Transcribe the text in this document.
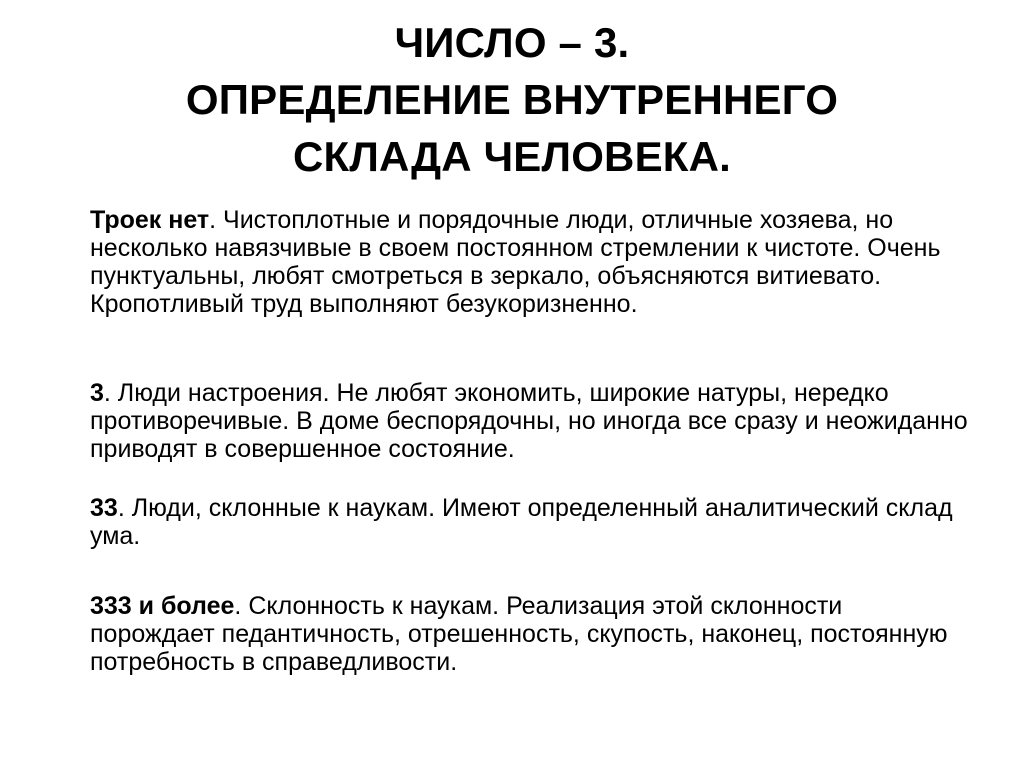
ЧИСЛО – 3.
ОПРЕДЕЛЕНИЕ ВНУТРЕННЕГО
СКЛАДА ЧЕЛОВЕКА.
Троек нет. Чистоплотные и порядочные люди, отличные хозяева, но несколько навязчивые в своем постоянном стремлении к чистоте. Очень пунктуальны, любят смотреться в зеркало, объясняются витиевато. Кропотливый труд выполняют безукоризненно.
3. Люди настроения. Не любят экономить, широкие натуры, нередко противоречивые. В доме беспорядочны, но иногда все сразу и неожиданно приводят в совершенное состояние.
33. Люди, склонные к наукам. Имеют определенный аналитический склад ума.
333 и более. Склонность к наукам. Реализация этой склонности порождает педантичность, отрешенность, скупость, наконец, постоянную потребность в справедливости.
